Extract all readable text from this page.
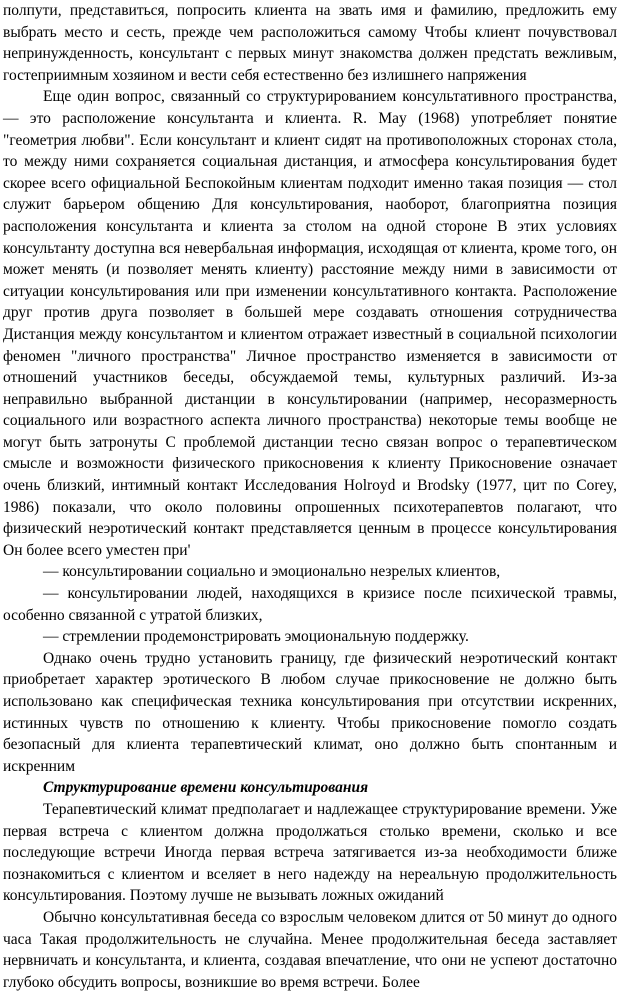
полпути, представиться, попросить клиента на звать имя и фамилию, предложить ему выбрать место и сесть, прежде чем расположиться самому Чтобы клиент почувствовал непринужденность, консультант с первых минут знакомства должен предстать вежливым, гостеприимным хозяином и вести себя естественно без излишнего напряжения

Еще один вопрос, связанный со структурированием консультативного пространства, — это расположение консультанта и клиента. R. May (1968) употребляет понятие "геометрия любви". Если консультант и клиент сидят на противоположных сторонах стола, то между ними сохраняется социальная дистанция, и атмосфера консультирования будет скорее всего официальной Беспокойным клиентам подходит именно такая позиция — стол служит барьером общению Для консультирования, наоборот, благоприятна позиция расположения консультанта и клиента за столом на одной стороне В этих условиях консультанту доступна вся невербальная информация, исходящая от клиента, кроме того, он может менять (и позволяет менять клиенту) расстояние между ними в зависимости от ситуации консультирования или при изменении консультативного контакта. Расположение друг против друга позволяет в большей мере создавать отношения сотрудничества Дистанция между консультантом и клиентом отражает известный в социальной психологии феномен "личного пространства" Личное пространство изменяется в зависимости от отношений участников беседы, обсуждаемой темы, культурных различий. Из-за неправильно выбранной дистанции в консультировании (например, несоразмерность социального или возрастного аспекта личного пространства) некоторые темы вообще не могут быть затронуты С проблемой дистанции тесно связан вопрос о терапевтическом смысле и возможности физического прикосновения к клиенту Прикосновение означает очень близкий, интимный контакт Исследования Holroyd и Brodsky (1977, цит по Corey, 1986) показали, что около половины опрошенных психотерапевтов полагают, что физический неэротический контакт представляется ценным в процессе консультирования Он более всего уместен при'

— консультировании социально и эмоционально незрелых клиентов,

— консультировании людей, находящихся в кризисе после психической травмы, особенно связанной с утратой близких,

— стремлении продемонстрировать эмоциональную поддержку.

Однако очень трудно установить границу, где физический неэротический контакт приобретает характер эротического В любом случае прикосновение не должно быть использовано как специфическая техника консультирования при отсутствии искренних, истинных чувств по отношению к клиенту. Чтобы прикосновение помогло создать безопасный для клиента терапевтический климат, оно должно быть спонтанным и искренним

Структурирование времени консультирования

Терапевтический климат предполагает и надлежащее структурирование времени. Уже первая встреча с клиентом должна продолжаться столько времени, сколько и все последующие встречи Иногда первая встреча затягивается из-за необходимости ближе познакомиться с клиентом и вселяет в него надежду на нереальную продолжительность консультирования. Поэтому лучше не вызывать ложных ожиданий

Обычно консультативная беседа со взрослым человеком длится от 50 минут до одного часа Такая продолжительность не случайна. Менее продолжительная беседа заставляет нервничать и консультанта, и клиента, создавая впечатление, что они не успеют достаточно глубоко обсудить вопросы, возникшие во время встречи. Более
